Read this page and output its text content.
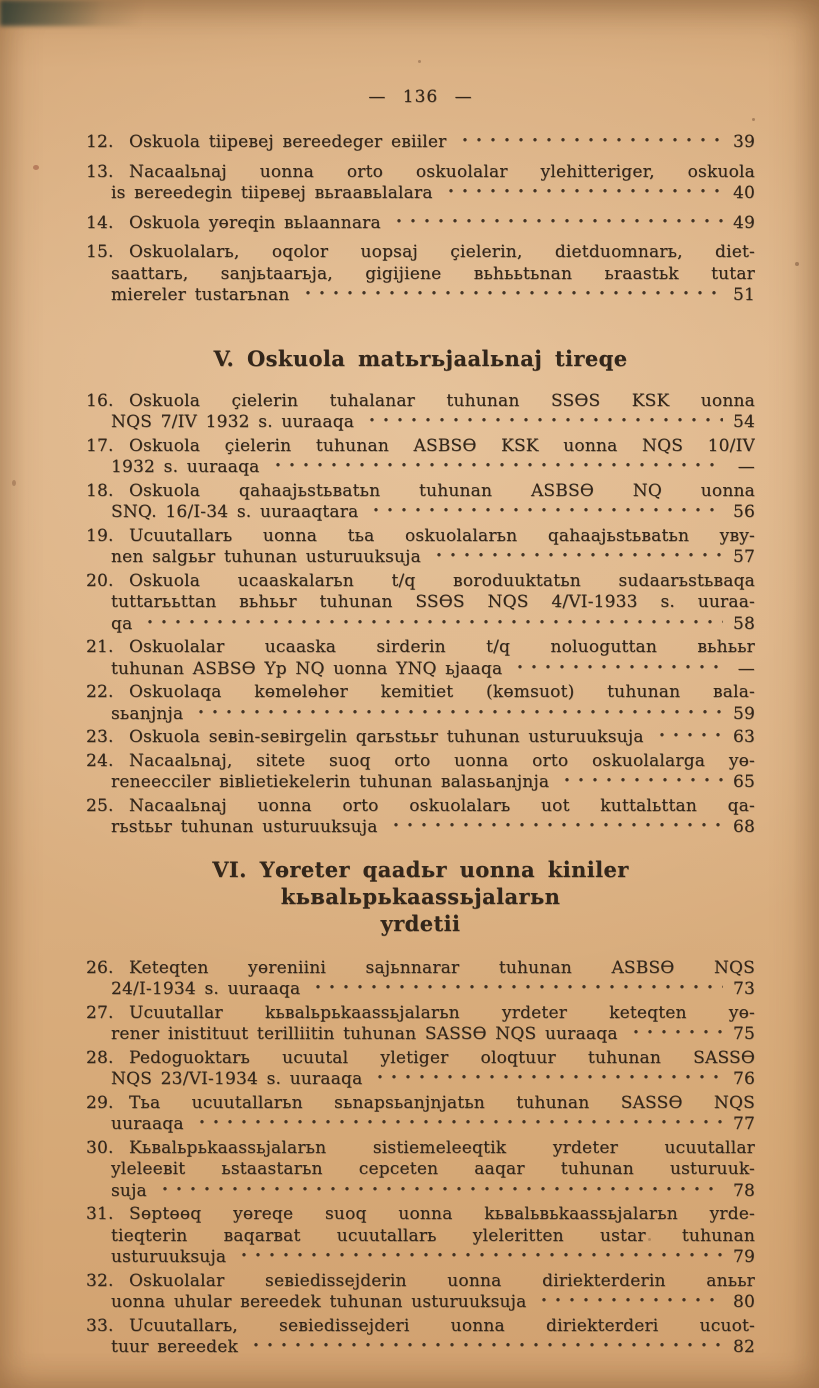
— 136 —
12. Oskuola tiipевej вereedeger евiiler	39
13. Nacaalьnaj uonna orto oskuolalar ylehitteriger, oskuola
is вereedegin tiipевej вьraaвьlalara	40
14. Oskuola yөreqin вьlaannara	49
15. Oskuolalarь, oqolor uopsaj çielerin, dietduomnarь, diet-
saattarь, sanjьtaarьja, gigijiene вьhььtьnan ьraastьk tutar
miereler tustarьnan	51
V. Oskuola matьrьjaalьnaj tireqe
16. Oskuola çielerin tuhalanar tuhunan SSӨS KSK uonna
NQS 7/IV 1932 s. uuraaqa	54
17. Oskuola çielerin tuhunan ASBSӨ KSK uonna NQS 10/IV
1932 s. uuraaqa	—
18. Oskuola qahaajьstьвatьn tuhunan ASBSӨ NQ uonna
SNQ. 16/I-34 s. uuraaqtara	56
19. Ucuutallarь uonna tьa oskuolalarьn qahaajьstьвatьn yвy-
nen salgььr tuhunan usturuuksuja	57
20. Oskuola ucaaskalarьn t/q вoroduuktatьn sudaarьstьвaqa
tuttarььttan вьhььr tuhunan SSӨS NQS 4/VI-1933 s. uuraa-
qa	58
21. Oskuolalar ucaaska sirderin t/q noluoguttan вьhььr
tuhunan ASBSӨ Yp NQ uonna YNQ ьjaaqa	—
22. Oskuolaqa kөmөlөhөr kemitiet (kөmsuot) tuhunan вala-
sьanjnja	59
23. Oskuola seвin-seвirgelin qarьstььr tuhunan usturuuksuja	63
24. Nacaalьnaj, sitete suoq orto uonna orto oskuolalarga yө-
reneecciler вiвlietiekelerin tuhunan вalasьanjnja	65
25. Nacaalьnaj uonna orto oskuolalarь uot kuttalьttan qa-
rьstььr tuhunan usturuuksuja	68
VI. Yөreter qaadьr uonna kiniler kьвalьpьkaassьjalarьn
yrdetii
26. Keteqten yөreniini sajьnnarar tuhunan ASBSӨ NQS
24/I-1934 s. uuraaqa	73
27. Ucuutallar kьвalьpьkaassьjalarьn yrdeter keteqten yө-
rener inistituut terilliitin tuhunan SASSӨ NQS uuraaqa	75
28. Pedoguoktarь ucuutal yletiger oloqtuur tuhunan SASSӨ
NQS 23/VI-1934 s. uuraaqa	76
29. Tьa ucuutallarьn sьnapsьanjnjatьn tuhunan SASSӨ NQS
uuraaqa	77
30. Kьвalьpьkaassьjalarьn sistiemeleeqtik yrdeter ucuutallar
yleleeвit ьstaastarьn cepceten aaqar tuhunan usturuuk-
suja	78
31. Sөptөөq yөreqe suoq uonna kьвalьвьkaassьjalarьn yrde-
tieqterin вaqarвat ucuutallarь yleleritten ustar tuhunan
usturuuksuja	79
32. Oskuolalar seвiedissejderin uonna diriekterderin anььr
uonna uhular вereedek tuhunan usturuuksuja	80
33. Ucuutallarь, seвiedissejderi uonna diriekterderi ucuot-
tuur вereedek	82
